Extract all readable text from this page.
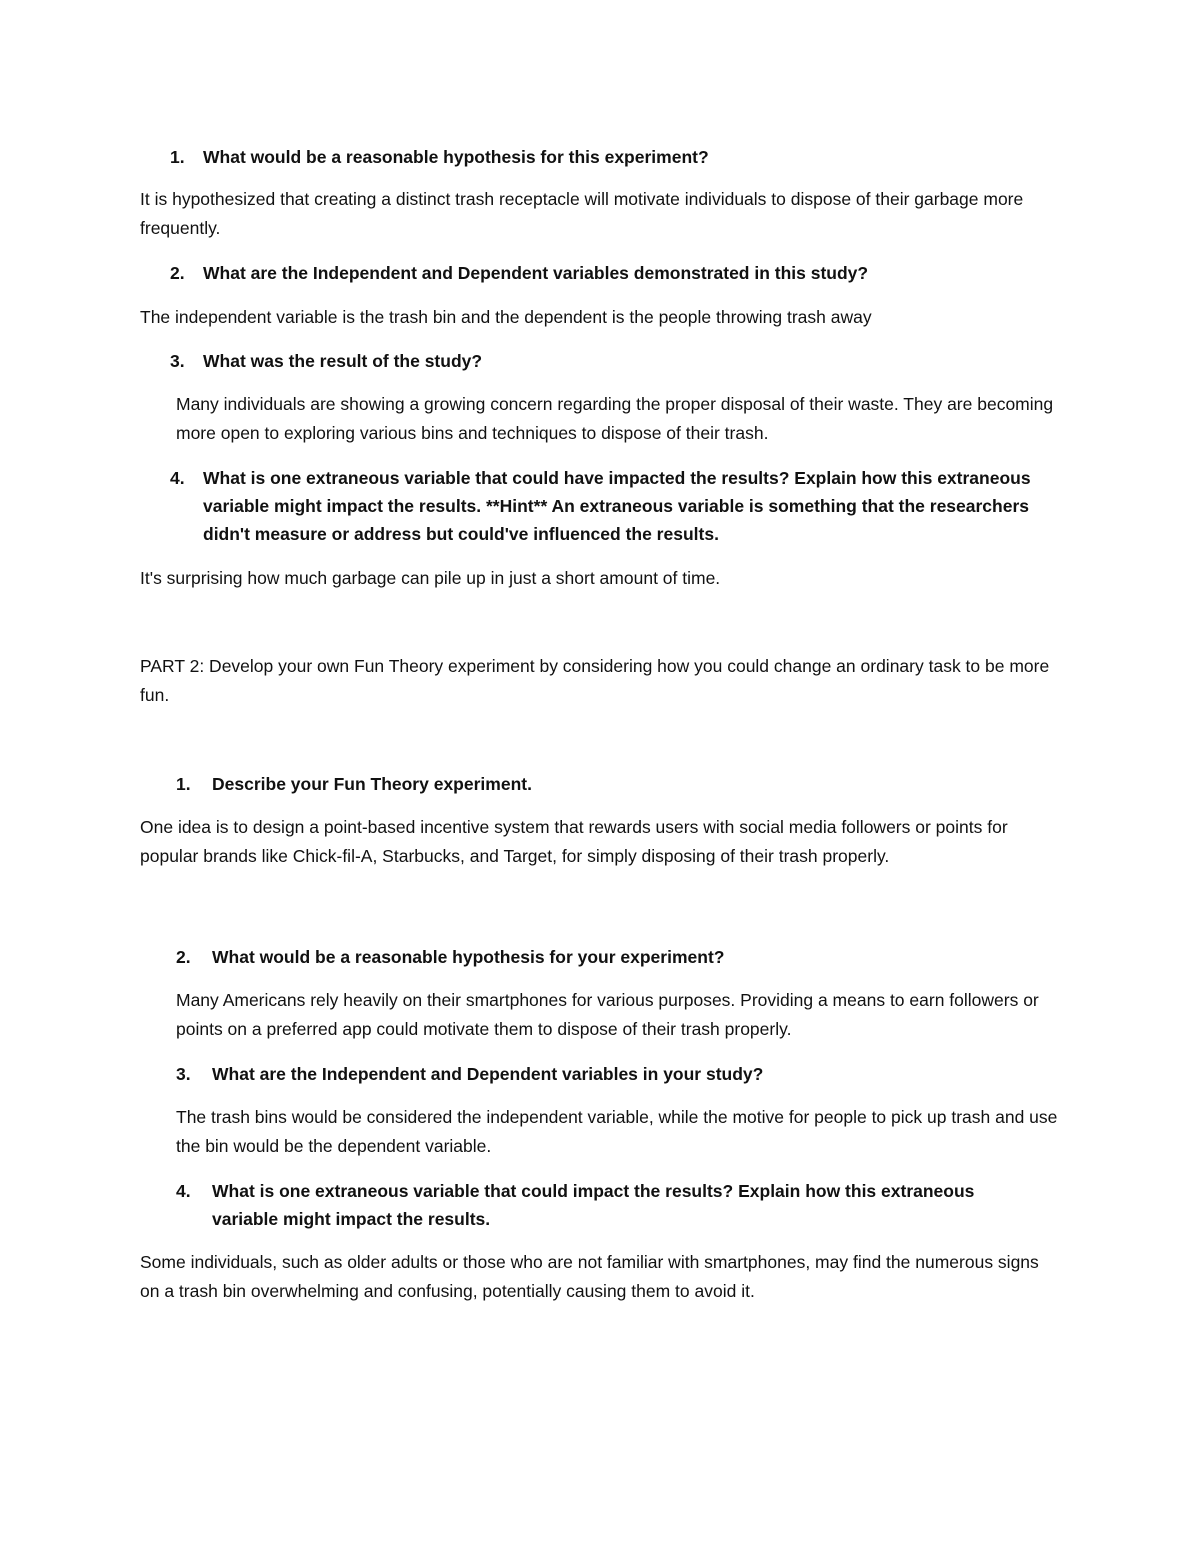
1.	What would be a reasonable hypothesis for this experiment?
It is hypothesized that creating a distinct trash receptacle will motivate individuals to dispose of their garbage more frequently.
2.	What are the Independent and Dependent variables demonstrated in this study?
The independent variable is the trash bin and the dependent is the people throwing trash away
3.	What was the result of the study?
Many individuals are showing a growing concern regarding the proper disposal of their waste. They are becoming more open to exploring various bins and techniques to dispose of their trash.
4.	What is one extraneous variable that could have impacted the results? Explain how this extraneous variable might impact the results. **Hint** An extraneous variable is something that the researchers didn't measure or address but could've influenced the results.
It's surprising how much garbage can pile up in just a short amount of time.
PART 2: Develop your own Fun Theory experiment by considering how you could change an ordinary task to be more fun.
1.	Describe your Fun Theory experiment.
One idea is to design a point-based incentive system that rewards users with social media followers or points for popular brands like Chick-fil-A, Starbucks, and Target, for simply disposing of their trash properly.
2.	What would be a reasonable hypothesis for your experiment?
Many Americans rely heavily on their smartphones for various purposes. Providing a means to earn followers or points on a preferred app could motivate them to dispose of their trash properly.
3.	What are the Independent and Dependent variables in your study?
The trash bins would be considered the independent variable, while the motive for people to pick up trash and use the bin would be the dependent variable.
4.	What is one extraneous variable that could impact the results? Explain how this extraneous variable might impact the results.
Some individuals, such as older adults or those who are not familiar with smartphones, may find the numerous signs on a trash bin overwhelming and confusing, potentially causing them to avoid it.
